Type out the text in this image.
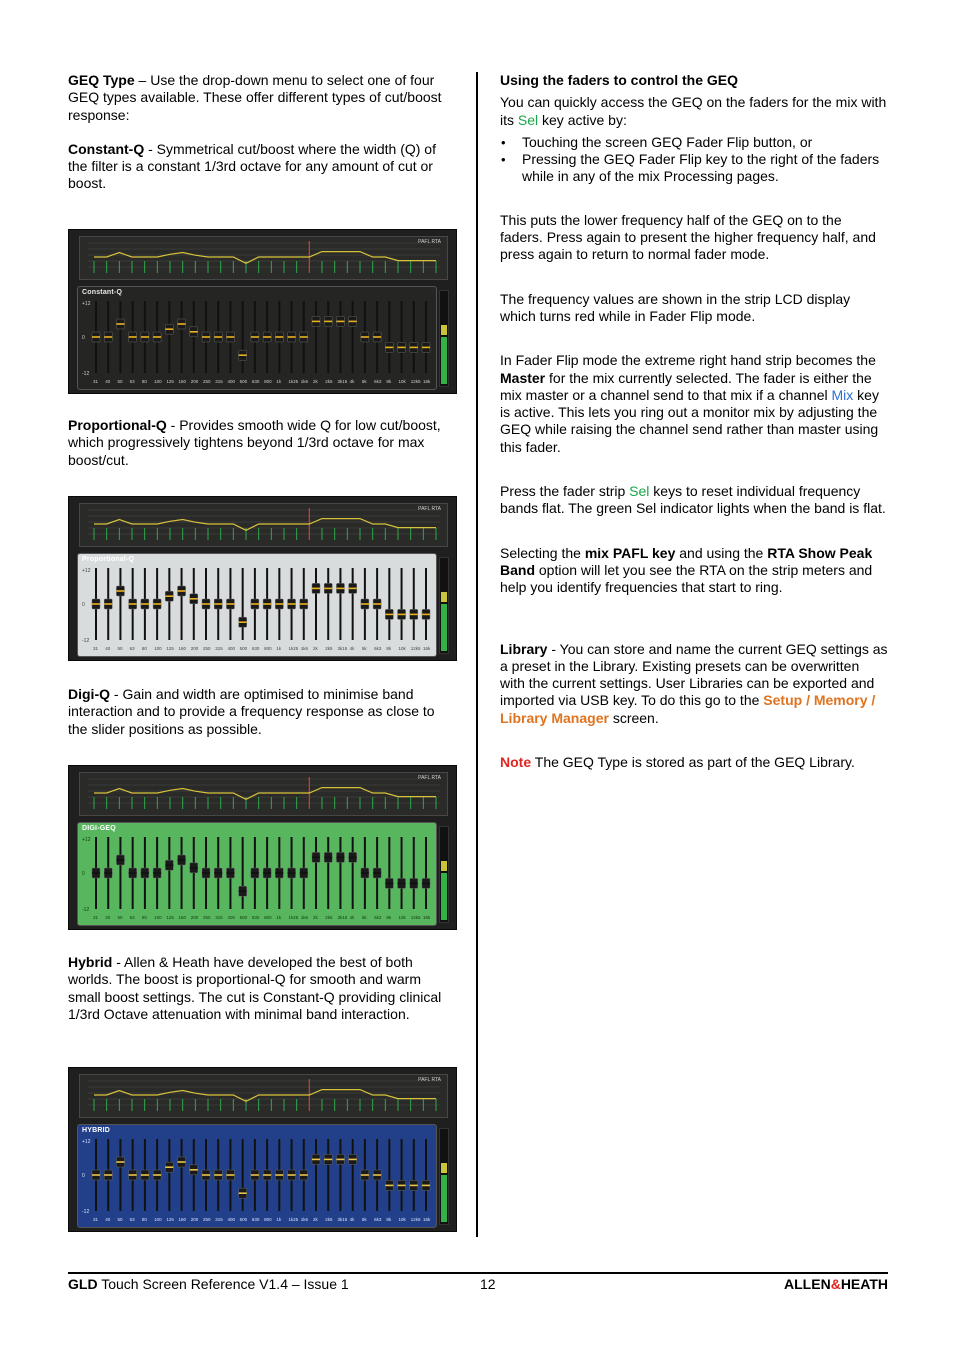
GEQ Type – Use the drop-down menu to select one of four GEQ types available. These offer different types of cut/boost response:

Constant-Q - Symmetrical cut/boost where the width (Q) of the filter is a constant 1/3rd octave for any amount of cut or boost.

Proportional-Q - Provides smooth wide Q for low cut/boost, which progressively tightens beyond 1/3rd octave for max boost/cut.

Digi-Q - Gain and width are optimised to minimise band interaction and to provide a frequency response as close to the slider positions as possible.

Hybrid - Allen & Heath have developed the best of both worlds. The boost is proportional-Q for smooth and warm small boost settings. The cut is Constant-Q providing clinical 1/3rd Octave attenuation with minimal band interaction.

PAFL RTA
Constant-Q
+12
0
-12
31 40 50 63 80 100 125 160 200 250 315 400 500 630 800 1k 1k25 1k6 2k 2k5 3k15 4k 5k 6k3 8k 10k 12k5 16k
PAFL RTA
Proportional-Q
+12
0
-12
31 40 50 63 80 100 125 160 200 250 315 400 500 630 800 1k 1k25 1k6 2k 2k5 3k15 4k 5k 6k3 8k 10k 12k5 16k
PAFL RTA
DIGI-GEQ
+12
0
-12
31 40 50 63 80 100 125 160 200 250 315 400 500 630 800 1k 1k25 1k6 2k 2k5 3k15 4k 5k 6k3 8k 10k 12k5 16k
PAFL RTA
HYBRID
+12
0
-12
31 40 50 63 80 100 125 160 200 250 315 400 500 630 800 1k 1k25 1k6 2k 2k5 3k15 4k 5k 6k3 8k 10k 12k5 16k

Using the faders to control the GEQ

You can quickly access the GEQ on the faders for the mix with its Sel key active by:

• Touching the screen GEQ Fader Flip button, or
• Pressing the GEQ Fader Flip key to the right of the faders while in any of the mix Processing pages.

This puts the lower frequency half of the GEQ on to the faders. Press again to present the higher frequency half, and press again to return to normal fader mode.

The frequency values are shown in the strip LCD display which turns red while in Fader Flip mode.

In Fader Flip mode the extreme right hand strip becomes the Master for the mix currently selected. The fader is either the mix master or a channel send to that mix if a channel Mix key is active. This lets you ring out a monitor mix by adjusting the GEQ while raising the channel send rather than master using this fader.

Press the fader strip Sel keys to reset individual frequency bands flat. The green Sel indicator lights when the band is flat.

Selecting the mix PAFL key and using the RTA Show Peak Band option will let you see the RTA on the strip meters and help you identify frequencies that start to ring.

Library - You can store and name the current GEQ settings as a preset in the Library. Existing presets can be overwritten with the current settings. User Libraries can be exported and imported via USB key. To do this go to the Setup / Memory / Library Manager screen.

Note The GEQ Type is stored as part of the GEQ Library.

GLD Touch Screen Reference V1.4 – Issue 1	12	ALLEN&HEATH
